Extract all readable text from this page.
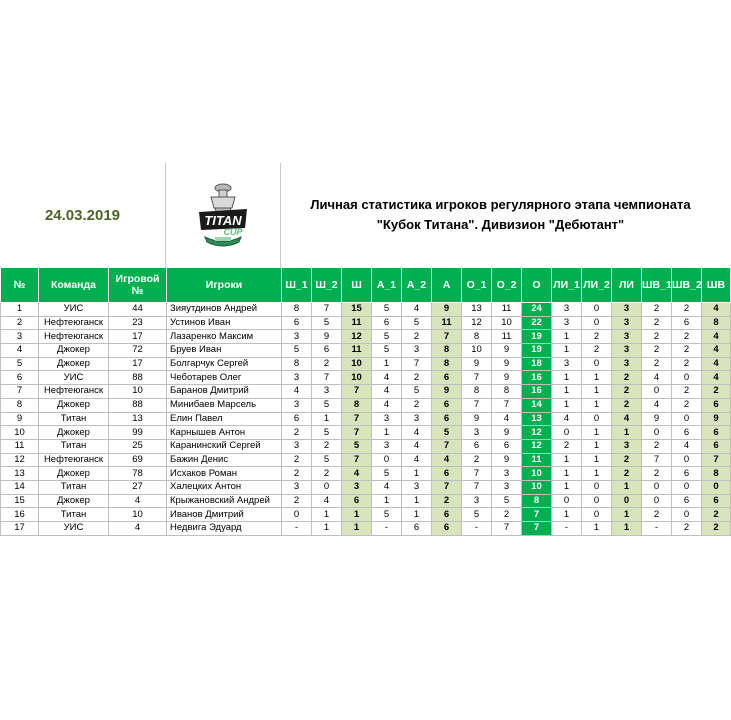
24.03.2019	TITAN
CUP
Личная статистика игроков регулярного этапа чемпионата
"Кубок Титана". Дивизион "Дебютант"
№	Команда	Игровой №	Игроки	Ш_1	Ш_2	Ш	А_1	А_2	А	О_1	О_2	О	ЛИ_1	ЛИ_2	ЛИ	ШВ_1	ШВ_2	ШВ
1	УИС	44	Зияутдинов Андрей	8	7	15	5	4	9	13	11	24	3	0	3	2	2	4
2	Нефтеюганск	23	Устинов Иван	6	5	11	6	5	11	12	10	22	3	0	3	2	6	8
3	Нефтеюганск	17	Лазаренко Максим	3	9	12	5	2	7	8	11	19	1	2	3	2	2	4
4	Джокер	72	Бруев Иван	5	6	11	5	3	8	10	9	19	1	2	3	2	2	4
5	Джокер	17	Болгарчук Сергей	8	2	10	1	7	8	9	9	18	3	0	3	2	2	4
6	УИС	88	Чеботарев Олег	3	7	10	4	2	6	7	9	16	1	1	2	4	0	4
7	Нефтеюганск	10	Баранов Дмитрий	4	3	7	4	5	9	8	8	16	1	1	2	0	2	2
8	Джокер	88	Минибаев Марсель	3	5	8	4	2	6	7	7	14	1	1	2	4	2	6
9	Титан	13	Елин Павел	6	1	7	3	3	6	9	4	13	4	0	4	9	0	9
10	Джокер	99	Карнышев Антон	2	5	7	1	4	5	3	9	12	0	1	1	0	6	6
11	Титан	25	Каранинский Сергей	3	2	5	3	4	7	6	6	12	2	1	3	2	4	6
12	Нефтеюганск	69	Бажин Денис	2	5	7	0	4	4	2	9	11	1	1	2	7	0	7
13	Джокер	78	Исхаков Роман	2	2	4	5	1	6	7	3	10	1	1	2	2	6	8
14	Титан	27	Халецких Антон	3	0	3	4	3	7	7	3	10	1	0	1	0	0	0
15	Джокер	4	Крыжановский Андрей	2	4	6	1	1	2	3	5	8	0	0	0	0	6	6
16	Титан	10	Иванов Дмитрий	0	1	1	5	1	6	5	2	7	1	0	1	2	0	2
17	УИС	4	Недвига Эдуард	-	1	1	-	6	6	-	7	7	-	1	1	-	2	2
